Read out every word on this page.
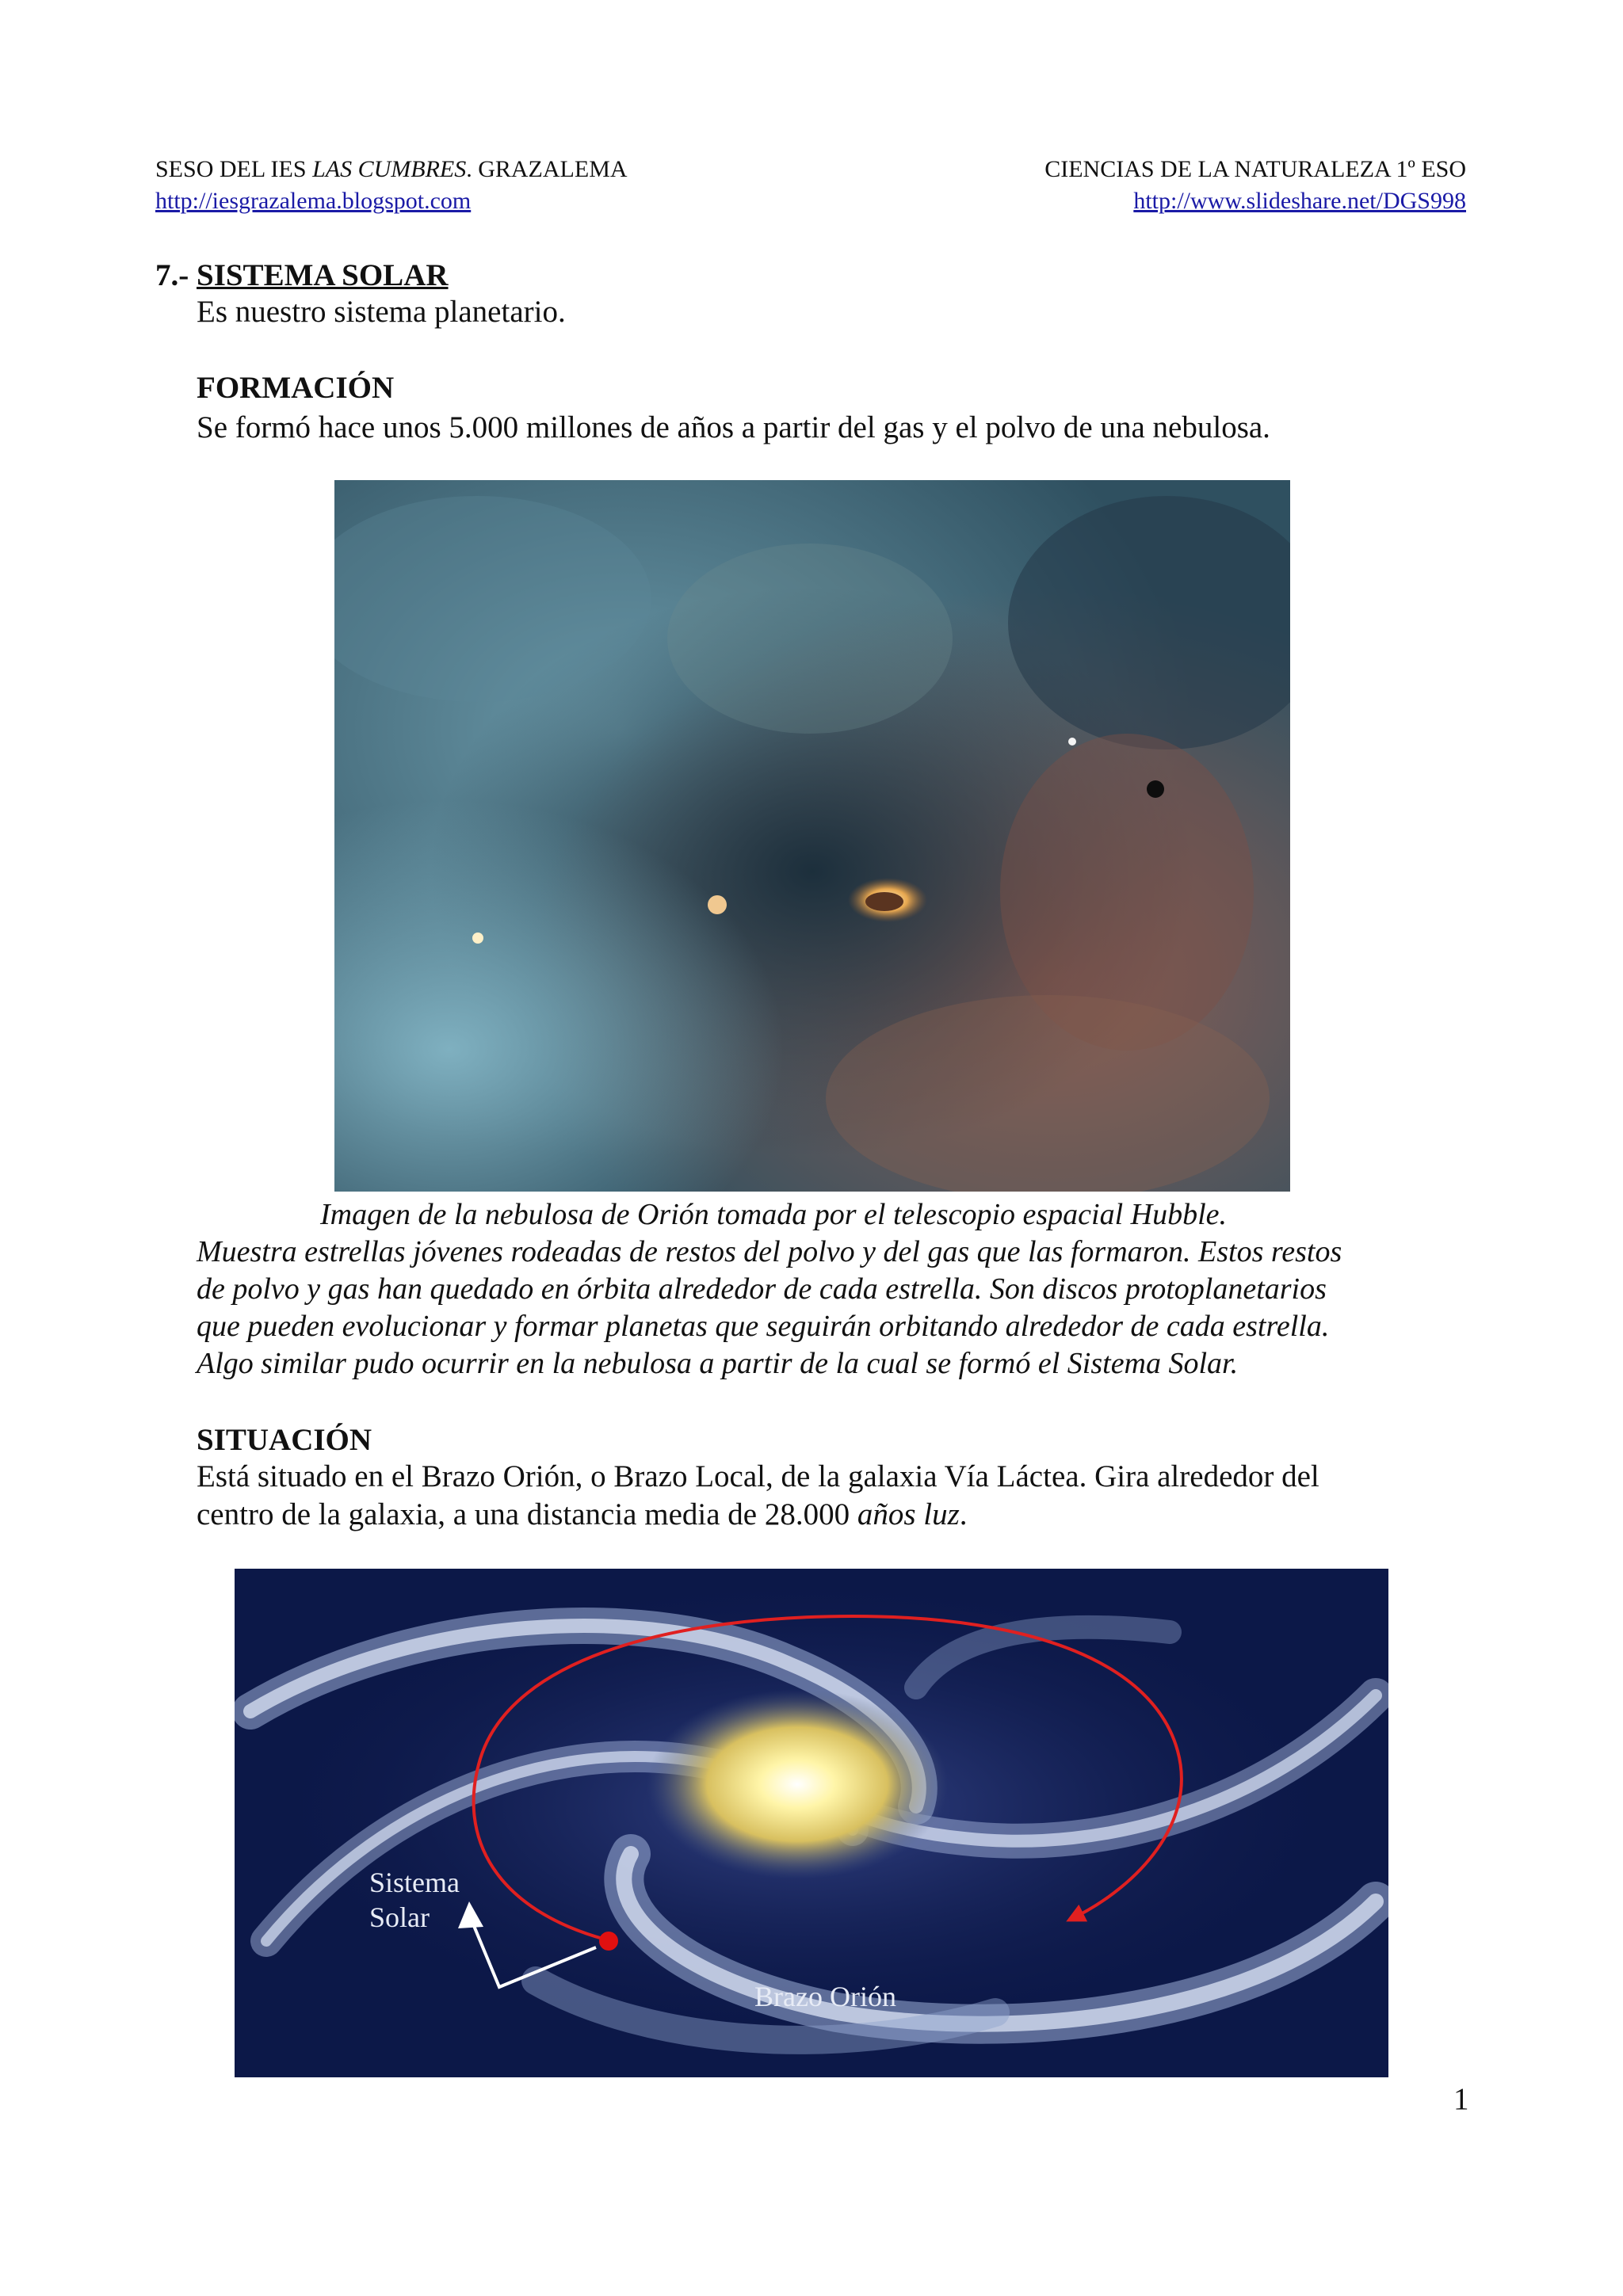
SESO DEL IES LAS CUMBRES. GRAZALEMA
http://iesgrazalema.blogspot.com
CIENCIAS DE LA NATURALEZA 1º ESO
http://www.slideshare.net/DGS998
7.- SISTEMA SOLAR
Es nuestro sistema planetario.
FORMACIÓN
Se formó hace unos 5.000 millones de años a partir del gas y el polvo de una nebulosa.
Imagen de la nebulosa de Orión tomada por el telescopio espacial Hubble.
Muestra estrellas jóvenes rodeadas de restos del polvo y del gas que las formaron. Estos restos
de polvo y gas han quedado en órbita alrededor de cada estrella. Son discos protoplanetarios
que pueden evolucionar y formar planetas que seguirán orbitando alrededor de cada estrella.
Algo similar pudo ocurrir en la nebulosa a partir de la cual se formó el Sistema Solar.
SITUACIÓN
Está situado en el Brazo Orión, o Brazo Local, de la galaxia Vía Láctea. Gira alrededor del
centro de la galaxia, a una distancia media de 28.000 años luz.
Sistema
Solar
Brazo Orión
1
